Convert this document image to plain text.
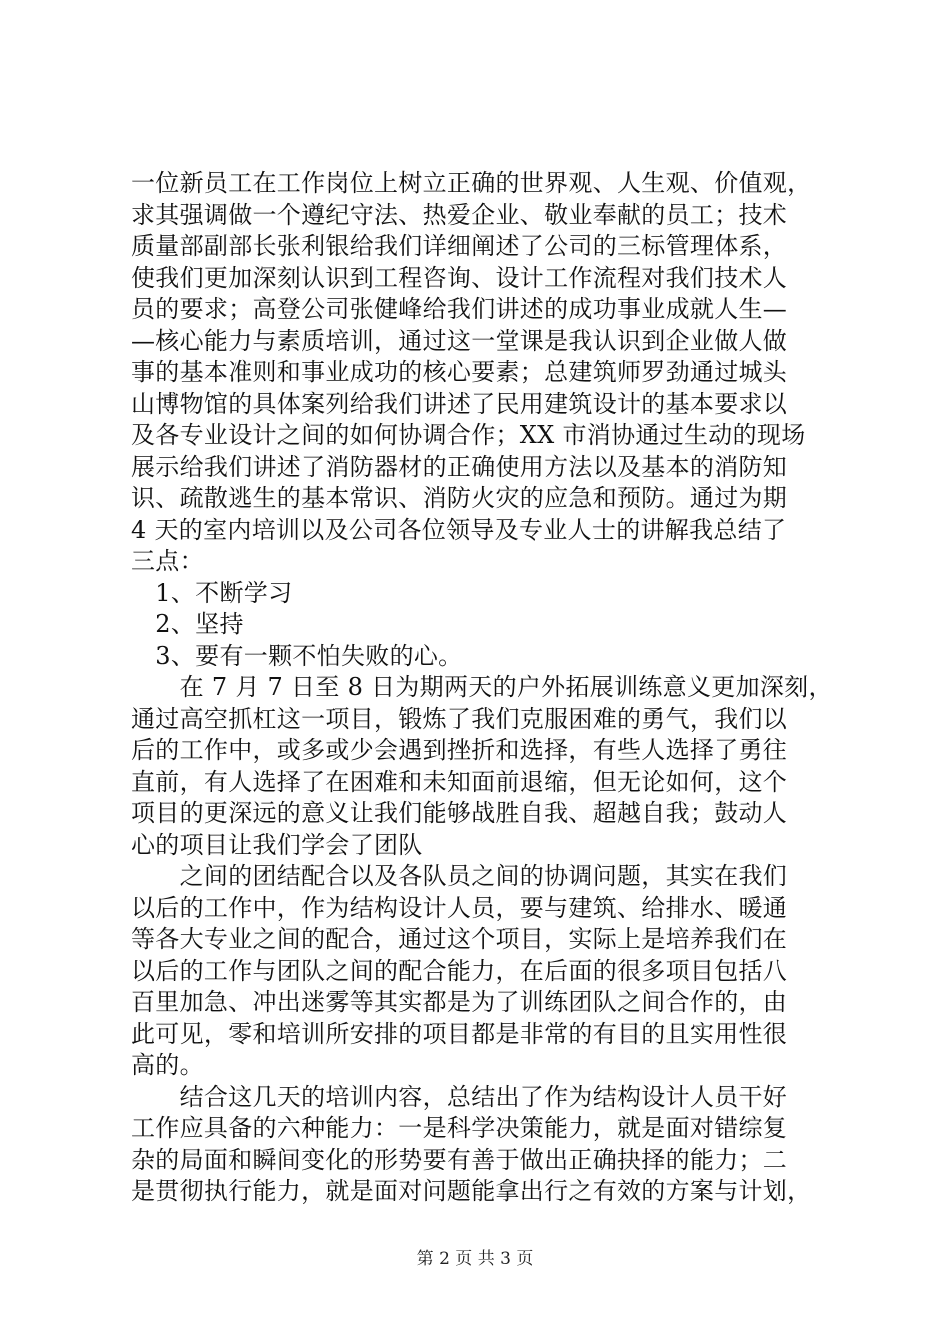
一位新员工在工作岗位上树立正确的世界观、人生观、价值观，
求其强调做一个遵纪守法、热爱企业、敬业奉献的员工；技术
质量部副部长张利银给我们详细阐述了公司的三标管理体系，
使我们更加深刻认识到工程咨询、设计工作流程对我们技术人
员的要求；高登公司张健峰给我们讲述的成功事业成就人生—
—核心能力与素质培训，通过这一堂课是我认识到企业做人做
事的基本准则和事业成功的核心要素；总建筑师罗劲通过城头
山博物馆的具体案列给我们讲述了民用建筑设计的基本要求以
及各专业设计之间的如何协调合作；XX 市消协通过生动的现场
展示给我们讲述了消防器材的正确使用方法以及基本的消防知
识、疏散逃生的基本常识、消防火灾的应急和预防。通过为期
4 天的室内培训以及公司各位领导及专业人士的讲解我总结了
三点：
　1、不断学习
　2、坚持
　3、要有一颗不怕失败的心。
　　在 7 月 7 日至 8 日为期两天的户外拓展训练意义更加深刻，
通过高空抓杠这一项目，锻炼了我们克服困难的勇气，我们以
后的工作中，或多或少会遇到挫折和选择，有些人选择了勇往
直前，有人选择了在困难和未知面前退缩，但无论如何，这个
项目的更深远的意义让我们能够战胜自我、超越自我；鼓动人
心的项目让我们学会了团队
　　之间的团结配合以及各队员之间的协调问题，其实在我们
以后的工作中，作为结构设计人员，要与建筑、给排水、暖通
等各大专业之间的配合，通过这个项目，实际上是培养我们在
以后的工作与团队之间的配合能力，在后面的很多项目包括八
百里加急、冲出迷雾等其实都是为了训练团队之间合作的，由
此可见，零和培训所安排的项目都是非常的有目的且实用性很
高的。
　　结合这几天的培训内容，总结出了作为结构设计人员干好
工作应具备的六种能力：一是科学决策能力，就是面对错综复
杂的局面和瞬间变化的形势要有善于做出正确抉择的能力；二
是贯彻执行能力，就是面对问题能拿出行之有效的方案与计划，
第 2 页 共 3 页
